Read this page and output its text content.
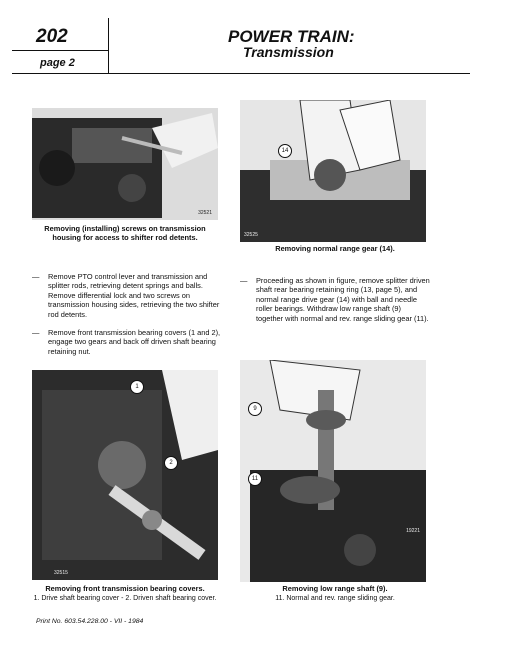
202
page 2
POWER TRAIN:
Transmission
32521
Removing (installing) screws on transmission housing for access to shifter rod detents.
14
32525
Removing normal range gear (14).
—	Remove PTO control lever and transmission and splitter rods, retrieving detent springs and balls. Remove differential lock and two screws on transmission housing sides, retrieving the two shifter rod detents.
—	Remove front transmission bearing covers (1 and 2), engage two gears and back off driven shaft bearing retaining nut.
—	Proceeding as shown in figure, remove splitter driven shaft rear bearing retaining ring (13, page 5), and normal range drive gear (14) with ball and needle roller bearings. Withdraw low range shaft (9) together with normal and rev. range sliding gear (11).
1
2
32515
Removing front transmission bearing covers.
1. Drive shaft bearing cover - 2. Driven shaft bearing cover.
9
11
19221
Removing low range shaft (9).
11. Normal and rev. range sliding gear.
Print No. 603.54.228.00 - VII - 1984
